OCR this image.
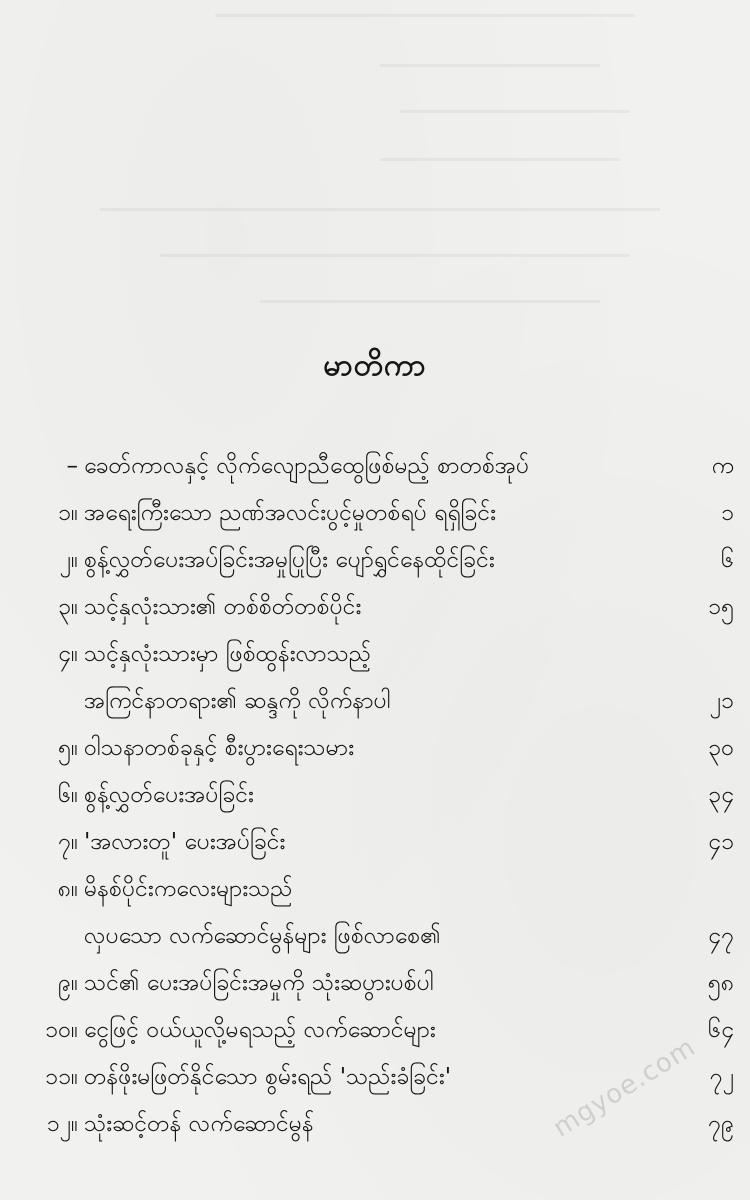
မာတိကာ
– ခေတ်ကာလနှင့် လိုက်လျောညီထွေဖြစ်မည့် စာတစ်အုပ်	က
၁။ အရေးကြီးသော ညဏ်အလင်းပွင့်မှုတစ်ရပ် ရရှိခြင်း	၁
၂။ စွန့်လွှတ်ပေးအပ်ခြင်းအမှုပြုပြီး ပျော်ရွှင်နေထိုင်ခြင်း	၆
၃။ သင့်နှလုံးသား၏ တစ်စိတ်တစ်ပိုင်း	၁၅
၄။ သင့်နှလုံးသားမှာ ဖြစ်ထွန်းလာသည့်
အကြင်နာတရား၏ ဆန္ဒကို လိုက်နာပါ	၂၁
၅။ ဝါသနာတစ်ခုနှင့် စီးပွားရေးသမား	၃၀
၆။ စွန့်လွှတ်ပေးအပ်ခြင်း	၃၄
၇။ 'အလားတူ' ပေးအပ်ခြင်း	၄၁
၈။ မိနစ်ပိုင်းကလေးများသည်
လှပသော လက်ဆောင်မွန်များ ဖြစ်လာစေ၏	၄၇
၉။ သင်၏ ပေးအပ်ခြင်းအမှုကို သုံးဆပွားပစ်ပါ	၅၈
၁၀။ ငွေဖြင့် ဝယ်ယူလို့မရသည့် လက်ဆောင်များ	၆၄
၁၁။ တန်ဖိုးမဖြတ်နိုင်သော စွမ်းရည် 'သည်းခံခြင်း'	၇၂
၁၂။ သုံးဆင့်တန် လက်ဆောင်မွန်	၇၉
mgyoe.com
